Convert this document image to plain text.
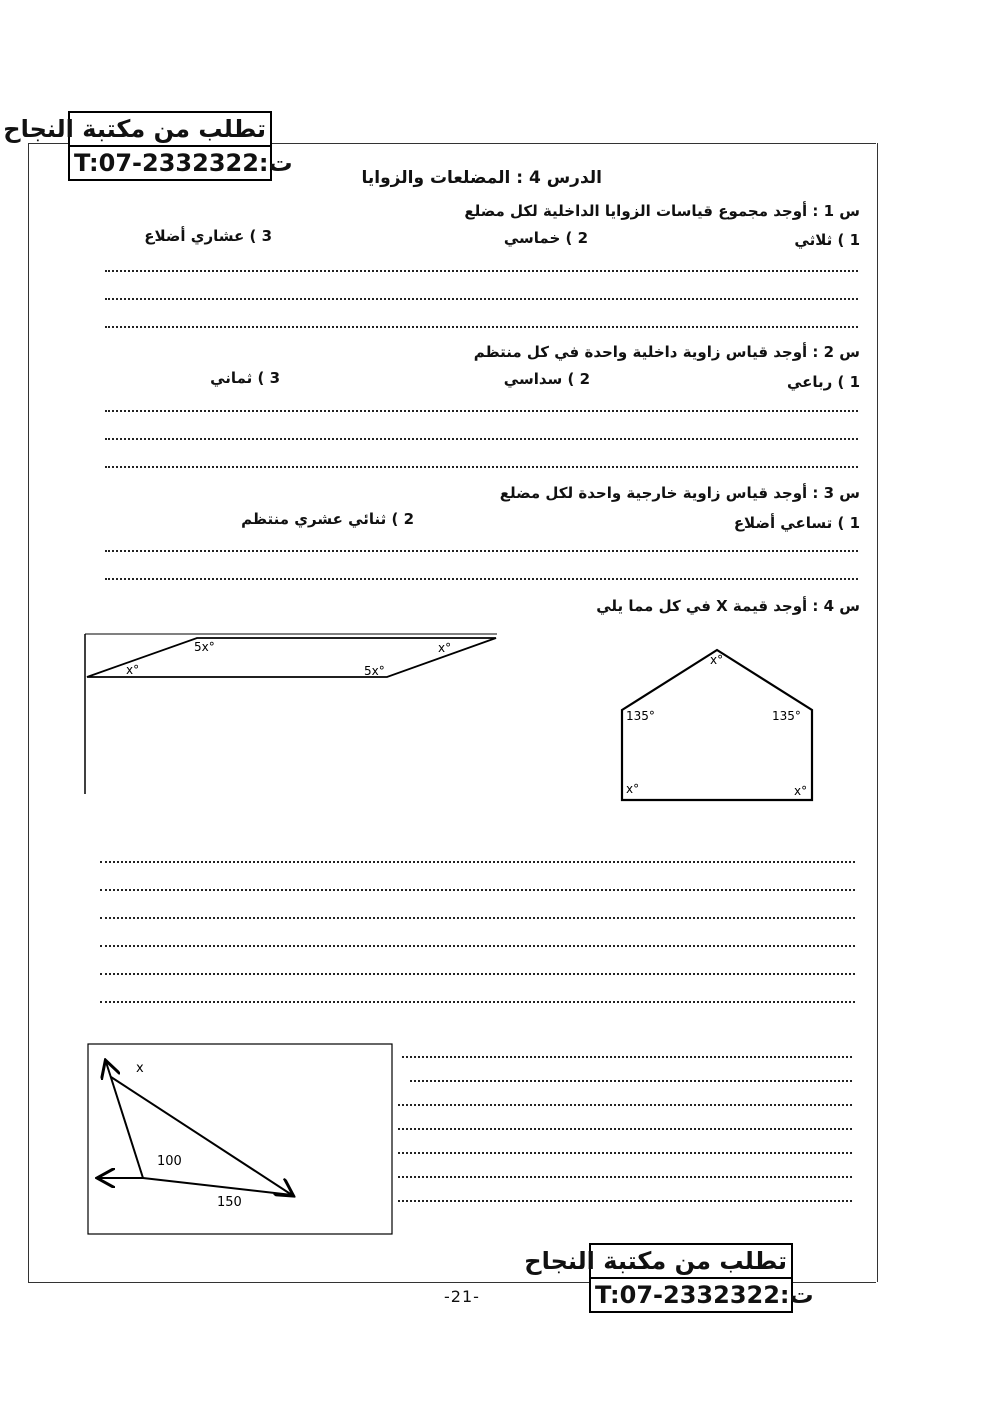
تطلب من مكتبة النجاح
T:07-2332322:ت
الدرس 4 : المضلعات والزوايا
س 1 : أوجد مجموع قياسات الزوايا الداخلية لكل مضلع
1 ) ثلاثي
2 ) خماسي
3 ) عشاري أضلاع
س 2 : أوجد قياس زاوية داخلية واحدة في كل منتظم
1 ) رباعي
2 ) سداسي
3 ) ثماني
س 3 : أوجد قياس زاوية خارجية واحدة لكل مضلع
1 ) تساعي أضلاع
2 ) ثنائي عشري منتظم
س 4 : أوجد قيمة X في كل مما يلي
5x°
x°
x°
5x°
x°
135°	135°
x°	x°
x
100
150
تطلب من مكتبة النجاح
T:07-2332322:ت
-21-
